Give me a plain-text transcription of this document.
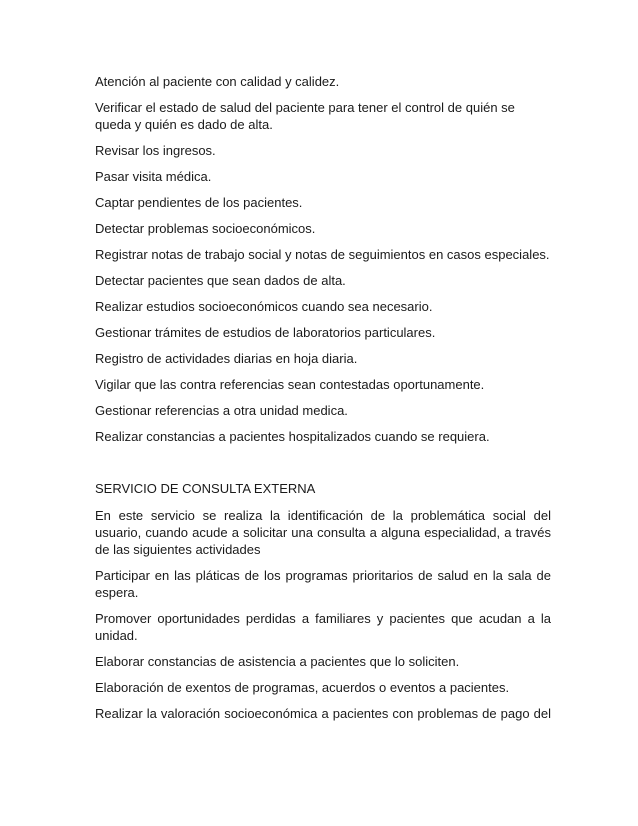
Atención al paciente con calidad y calidez.

Verificar el estado de salud del paciente para tener el control de quién se queda y quién es dado de alta.

Revisar los ingresos.

Pasar visita médica.

Captar pendientes de los pacientes.

Detectar problemas socioeconómicos.

Registrar notas de trabajo social y notas de seguimientos en casos especiales.

Detectar pacientes que sean dados de alta.

Realizar estudios socioeconómicos cuando sea necesario.

Gestionar trámites de estudios de laboratorios particulares.

Registro de actividades diarias en hoja diaria.

Vigilar que las contra referencias sean contestadas oportunamente.

Gestionar referencias a otra unidad medica.

Realizar constancias a pacientes hospitalizados cuando se requiera.

SERVICIO DE CONSULTA EXTERNA

En este servicio se realiza la identificación de la problemática social del usuario, cuando acude a solicitar una consulta a alguna especialidad, a través de las siguientes actividades

Participar en las pláticas de los programas prioritarios de salud en la sala de espera.

Promover oportunidades perdidas a familiares y pacientes que acudan a la unidad.

Elaborar constancias de asistencia a pacientes que lo soliciten.

Elaboración de exentos de programas, acuerdos o eventos a pacientes.

Realizar la valoración socioeconómica a pacientes con problemas de pago del
